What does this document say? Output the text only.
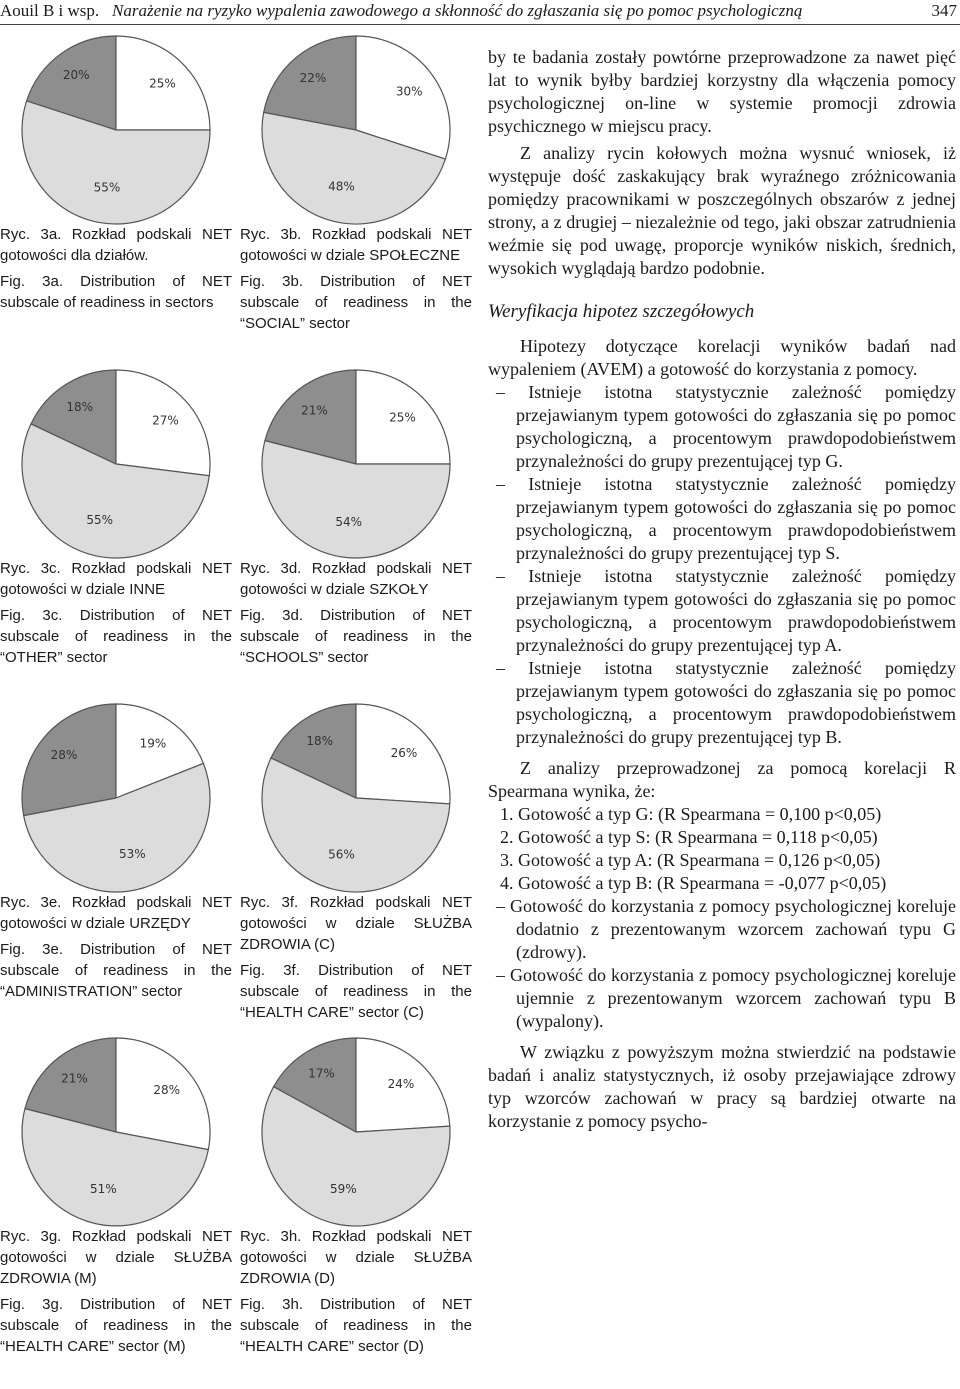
Aouil B i wsp. Narażenie na ryzyko wypalenia zawodowego a skłonność do zgłaszania się po pomoc psychologiczną	347
20%
25%
55%

Ryc. 3a. Rozkład podskali NET gotowości dla działów.

Fig. 3a. Distribution of NET subscale of readiness in sectors

18%
27%
55%

Ryc. 3c. Rozkład podskali NET gotowości w dziale INNE

Fig. 3c. Distribution of NET subscale of readiness in the “OTHER” sector

28%
19%
53%

Ryc. 3e. Rozkład podskali NET gotowości w dziale URZĘDY

Fig. 3e. Distribution of NET subscale of readiness in the “ADMINISTRATION” sector

21%
28%
51%

Ryc. 3g. Rozkład podskali NET gotowości w dziale SŁUŻBA ZDROWIA (M)

Fig. 3g. Distribution of NET subscale of readiness in the “HEALTH CARE” sector (M)

22%
30%
48%

Ryc. 3b. Rozkład podskali NET gotowości w dziale SPOŁECZNE

Fig. 3b. Distribution of NET subscale of readiness in the “SOCIAL” sector

21%	25%
54%

Ryc. 3d. Rozkład podskali NET gotowości w dziale SZKOŁY

Fig. 3d. Distribution of NET subscale of readiness in the “SCHOOLS” sector

18%
26%
56%

Ryc. 3f. Rozkład podskali NET gotowości w dziale SŁUŻBA ZDROWIA (C)

Fig. 3f. Distribution of NET subscale of readiness in the “HEALTH CARE” sector (C)

17%
24%
59%

Ryc. 3h. Rozkład podskali NET gotowości w dziale SŁUŻBA ZDROWIA (D)

Fig. 3h. Distribution of NET subscale of readiness in the “HEALTH CARE” sector (D)

by te badania zostały powtórne przeprowadzone za nawet pięć lat to wynik byłby bardziej korzystny dla włączenia pomocy psychologicznej on-line w systemie promocji zdrowia psychicznego w miejscu pracy.

Z analizy rycin kołowych można wysnuć wniosek, iż występuje dość zaskakujący brak wyraźnego zróżnicowania pomiędzy pracownikami w poszczególnych obszarów z jednej strony, a z drugiej – niezależnie od tego, jaki obszar zatrudnienia weźmie się pod uwagę, proporcje wyników niskich, średnich, wysokich wyglądają bardzo podobnie.

Weryfikacja hipotez szczegółowych

Hipotezy dotyczące korelacji wyników badań nad wypaleniem (AVEM) a gotowość do korzystania z pomocy.

– Istnieje istotna statystycznie zależność pomiędzy przejawianym typem gotowości do zgłaszania się po pomoc psychologiczną, a procentowym prawdopodobieństwem przynależności do grupy prezentującej typ G.
– Istnieje istotna statystycznie zależność pomiędzy przejawianym typem gotowości do zgłaszania się po pomoc psychologiczną, a procentowym prawdopodobieństwem przynależności do grupy prezentującej typ S.
– Istnieje istotna statystycznie zależność pomiędzy przejawianym typem gotowości do zgłaszania się po pomoc psychologiczną, a procentowym prawdopodobieństwem przynależności do grupy prezentującej typ A.
– Istnieje istotna statystycznie zależność pomiędzy przejawianym typem gotowości do zgłaszania się po pomoc psychologiczną, a procentowym prawdopodobieństwem przynależności do grupy prezentującej typ B.

Z analizy przeprowadzonej za pomocą korelacji R Spearmana wynika, że:

1. Gotowość a typ G: (R Spearmana = 0,100 p<0,05)
2. Gotowość a typ S: (R Spearmana = 0,118 p<0,05)
3. Gotowość a typ A: (R Spearmana = 0,126 p<0,05)
4. Gotowość a typ B: (R Spearmana = -0,077 p<0,05)
– Gotowość do korzystania z pomocy psychologicznej koreluje dodatnio z prezentowanym wzorcem zachowań typu G (zdrowy).
– Gotowość do korzystania z pomocy psychologicznej koreluje ujemnie z prezentowanym wzorcem zachowań typu B (wypalony).

W związku z powyższym można stwierdzić na podstawie badań i analiz statystycznych, iż osoby przejawiające zdrowy typ wzorców zachowań w pracy są bardziej otwarte na korzystanie z pomocy psycho-
